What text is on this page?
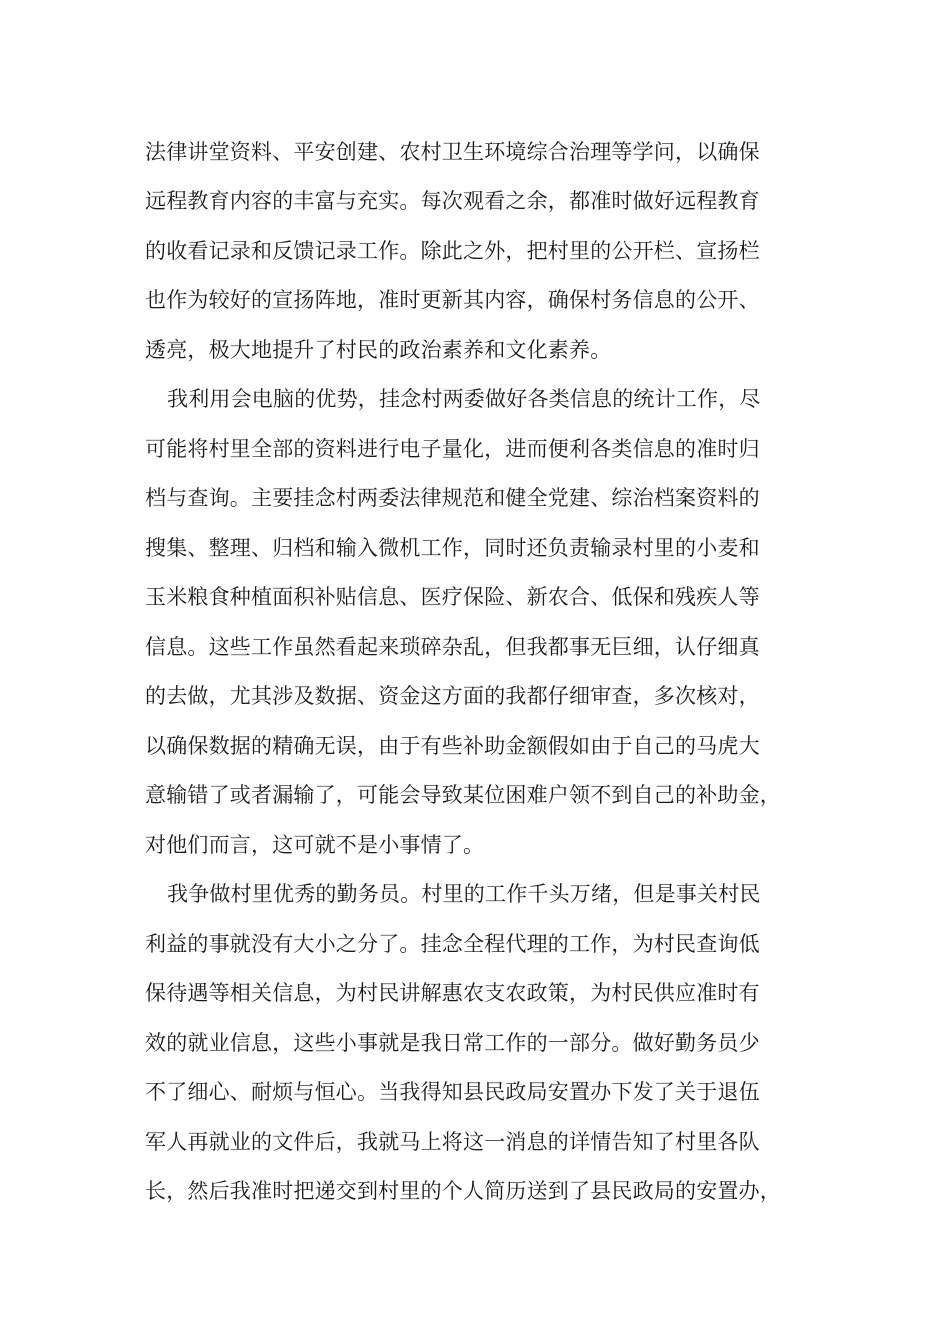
法律讲堂资料、平安创建、农村卫生环境综合治理等学问，以确保
远程教育内容的丰富与充实。每次观看之余，都准时做好远程教育
的收看记录和反馈记录工作。除此之外，把村里的公开栏、宣扬栏
也作为较好的宣扬阵地，准时更新其内容，确保村务信息的公开、
透亮，极大地提升了村民的政治素养和文化素养。
我利用会电脑的优势，挂念村两委做好各类信息的统计工作，尽
可能将村里全部的资料进行电子量化，进而便利各类信息的准时归
档与查询。主要挂念村两委法律规范和健全党建、综治档案资料的
搜集、整理、归档和输入微机工作，同时还负责输录村里的小麦和
玉米粮食种植面积补贴信息、医疗保险、新农合、低保和残疾人等
信息。这些工作虽然看起来琐碎杂乱，但我都事无巨细，认仔细真
的去做，尤其涉及数据、资金这方面的我都仔细审查，多次核对，
以确保数据的精确无误，由于有些补助金额假如由于自己的马虎大
意输错了或者漏输了，可能会导致某位困难户领不到自己的补助金，
对他们而言，这可就不是小事情了。
我争做村里优秀的勤务员。村里的工作千头万绪，但是事关村民
利益的事就没有大小之分了。挂念全程代理的工作，为村民查询低
保待遇等相关信息，为村民讲解惠农支农政策，为村民供应准时有
效的就业信息，这些小事就是我日常工作的一部分。做好勤务员少
不了细心、耐烦与恒心。当我得知县民政局安置办下发了关于退伍
军人再就业的文件后，我就马上将这一消息的详情告知了村里各队
长，然后我准时把递交到村里的个人简历送到了县民政局的安置办，
